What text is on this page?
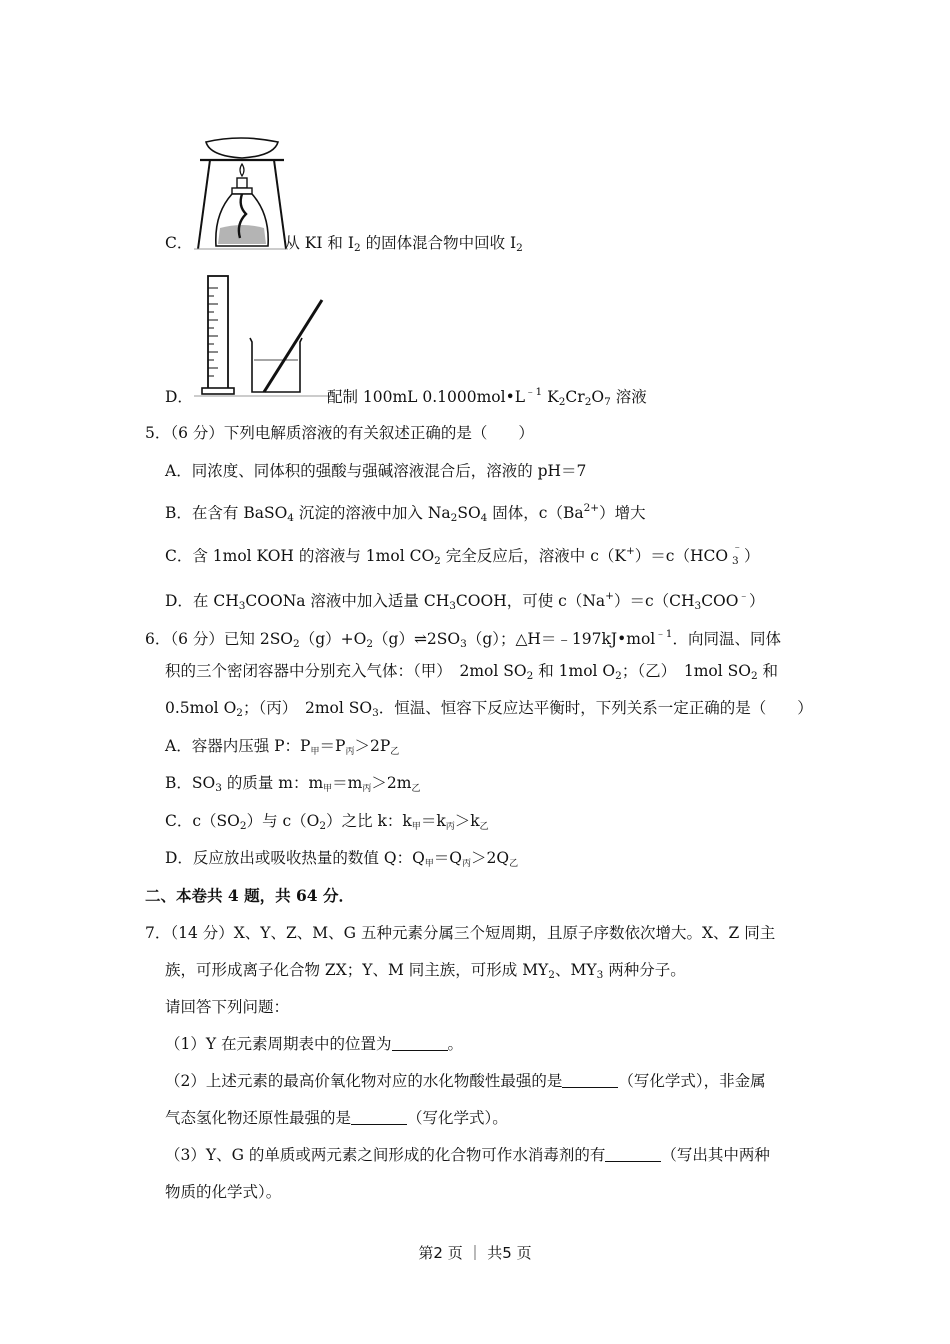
C．	从 KI 和 $I_2$ 的固体混合物中回收 $I_2$
D．	配制 100mL $0.1000mol•L^{﹣1}$ $K_2Cr_2O_7$ 溶液
5．（6 分）下列电解质溶液的有关叙述正确的是（　　）
A．同浓度、同体积的强酸与强碱溶液混合后，溶液的 pH＝7
B．在含有 BaSO$_4$ 沉淀的溶液中加入 $Na_2SO_4$ 固体，$c(Ba^{2+})$增大
C．含 1mol KOH 的溶液与 1mol $CO_2$ 完全反应后，溶液中 c（K+）＝c（HCO ﹣
3 ）
D．在 $CH_3COONa$ 溶液中加入适量 $CH_3COOH$，可使 $c(Na^+)=c(CH_3COO^﹣)$
6．（6 分）已知 $2SO_2(g)+O_2(g)\rightleftharpoons 2SO_3(g)$；△H＝﹣197kJ•mol$^{﹣1}$．向同温、同体
积的三个密闭容器中分别充入气体：（甲）　2mol $SO_2$ 和 1mol $O_2$；（乙）　1mol $SO_2$ 和
0.5mol $O_2$；（丙）　2mol $SO_3$．恒温、恒容下反应达平衡时，下列关系一定正确的是（　　）
A．容器内压强 P：P甲＝P丙＞2P乙
B．$SO_3$ 的质量 m：m甲＝m丙＞2m乙
C．$c(SO_2)$与 $c(O_2)$之比 k：k甲＝k丙＞k乙
D．反应放出或吸收热量的数值 Q：Q甲＝Q丙＞2Q乙
二、本卷共 4 题，共 64 分．
7．（14 分）X、Y、Z、M、G 五种元素分属三个短周期，且原子序数依次增大。X、Z 同主
族，可形成离子化合物 ZX；Y、M 同主族，可形成 $MY_2$、$MY_3$ 两种分子。
请回答下列问题：
（1）Y 在元素周期表中的位置为	。
（2）上述元素的最高价氧化物对应的水化物酸性最强的是	（写化学式），非金属
气态氢化物还原性最强的是	（写化学式）。
（3）Y、G 的单质或两元素之间形成的化合物可作水消毒剂的有	（写出其中两种
物质的化学式）。
第2 页 ｜ 共5 页
